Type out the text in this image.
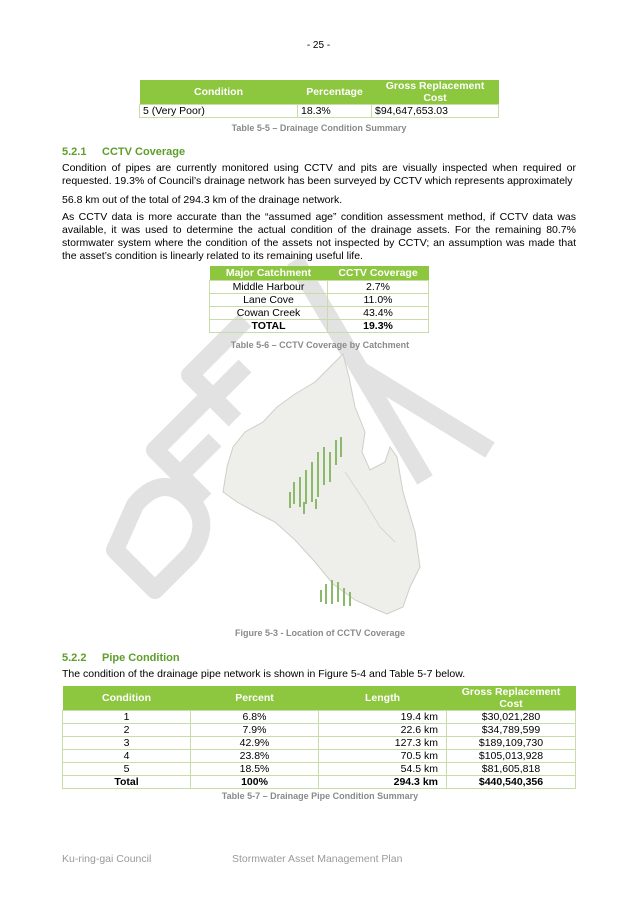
- 25 -
Condition	Percentage	Gross Replacement Cost
5 (Very Poor)	18.3%	$94,647,653.03
Table 5-5 – Drainage Condition Summary
5.2.1 CCTV Coverage
Condition of pipes are currently monitored using CCTV and pits are visually inspected when required or requested. 19.3% of Council’s drainage network has been surveyed by CCTV which represents approximately
56.8 km out of the total of 294.3 km of the drainage network.
As CCTV data is more accurate than the “assumed age” condition assessment method, if CCTV data was available, it was used to determine the actual condition of the drainage assets. For the remaining 80.7% stormwater system where the condition of the assets not inspected by CCTV; an assumption was made that the asset’s condition is linearly related to its remaining useful life.
Major Catchment	CCTV Coverage
Middle Harbour	2.7%
Lane Cove	11.0%
Cowan Creek	43.4%
TOTAL	19.3%
Table 5-6 – CCTV Coverage by Catchment
Figure 5-3 - Location of CCTV Coverage
5.2.2 Pipe Condition
The condition of the drainage pipe network is shown in Figure 5-4 and Table 5-7 below.
Condition	Percent	Length	Gross Replacement Cost
1	6.8%	19.4 km	$30,021,280
2	7.9%	22.6 km	$34,789,599
3	42.9%	127.3 km	$189,109,730
4	23.8%	70.5 km	$105,013,928
5	18.5%	54.5 km	$81,605,818
Total	100%	294.3 km	$440,540,356
Table 5-7 – Drainage Pipe Condition Summary
Ku-ring-gai Council	Stormwater Asset Management Plan
